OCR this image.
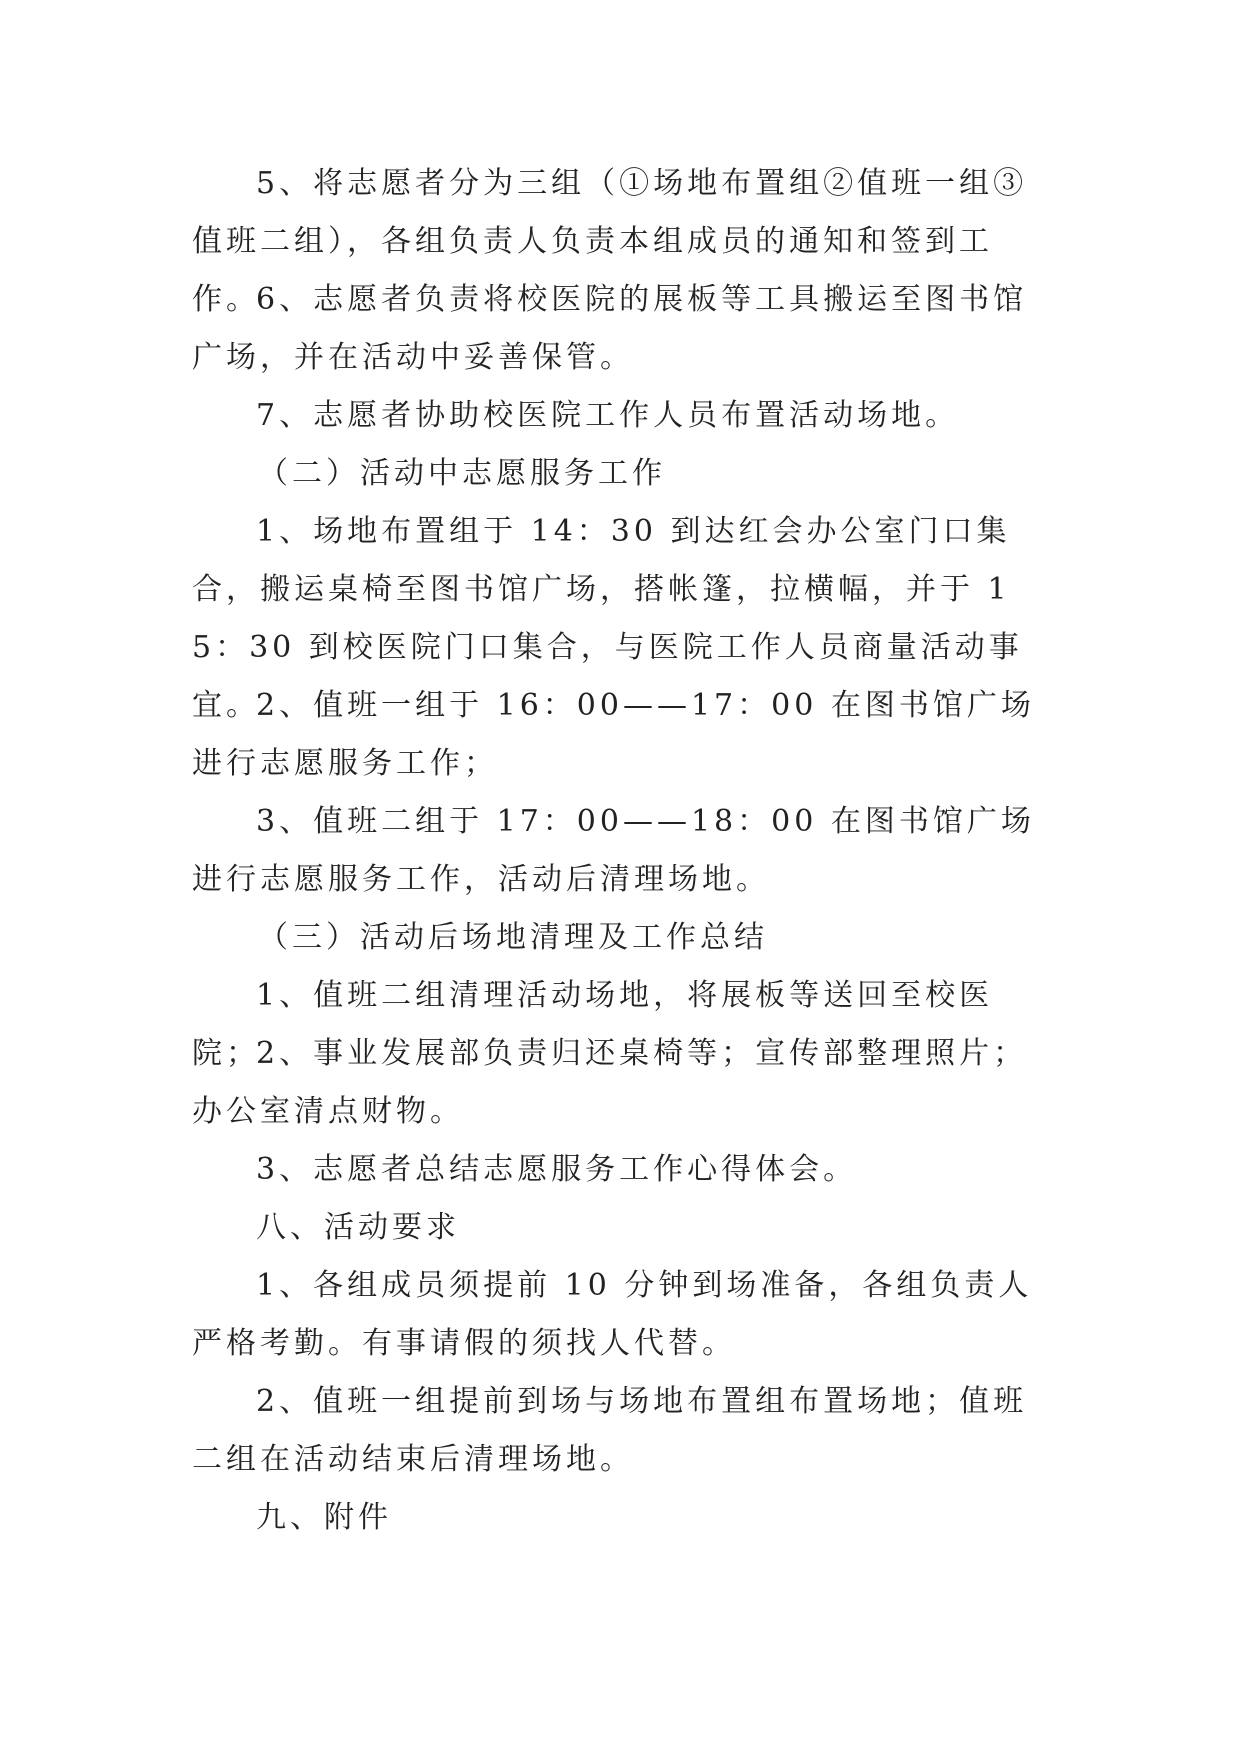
5、将志愿者分为三组（①场地布置组②值班一组③值班二组），各组负责人负责本组成员的通知和签到工作。

6、志愿者负责将校医院的展板等工具搬运至图书馆广场，并在活动中妥善保管。

7、志愿者协助校医院工作人员布置活动场地。

（二）活动中志愿服务工作

1、场地布置组于 14：30 到达红会办公室门口集合，搬运桌椅至图书馆广场，搭帐篷，拉横幅，并于 15：30 到校医院门口集合，与医院工作人员商量活动事宜。

2、值班一组于 16：00——17：00 在图书馆广场进行志愿服务工作；

3、值班二组于 17：00——18：00 在图书馆广场进行志愿服务工作，活动后清理场地。

（三）活动后场地清理及工作总结

1、值班二组清理活动场地，将展板等送回至校医院；

2、事业发展部负责归还桌椅等；宣传部整理照片；办公室清点财物。

3、志愿者总结志愿服务工作心得体会。

八、活动要求

1、各组成员须提前 10 分钟到场准备，各组负责人严格考勤。有事请假的须找人代替。

2、值班一组提前到场与场地布置组布置场地；值班二组在活动结束后清理场地。

九、附件
